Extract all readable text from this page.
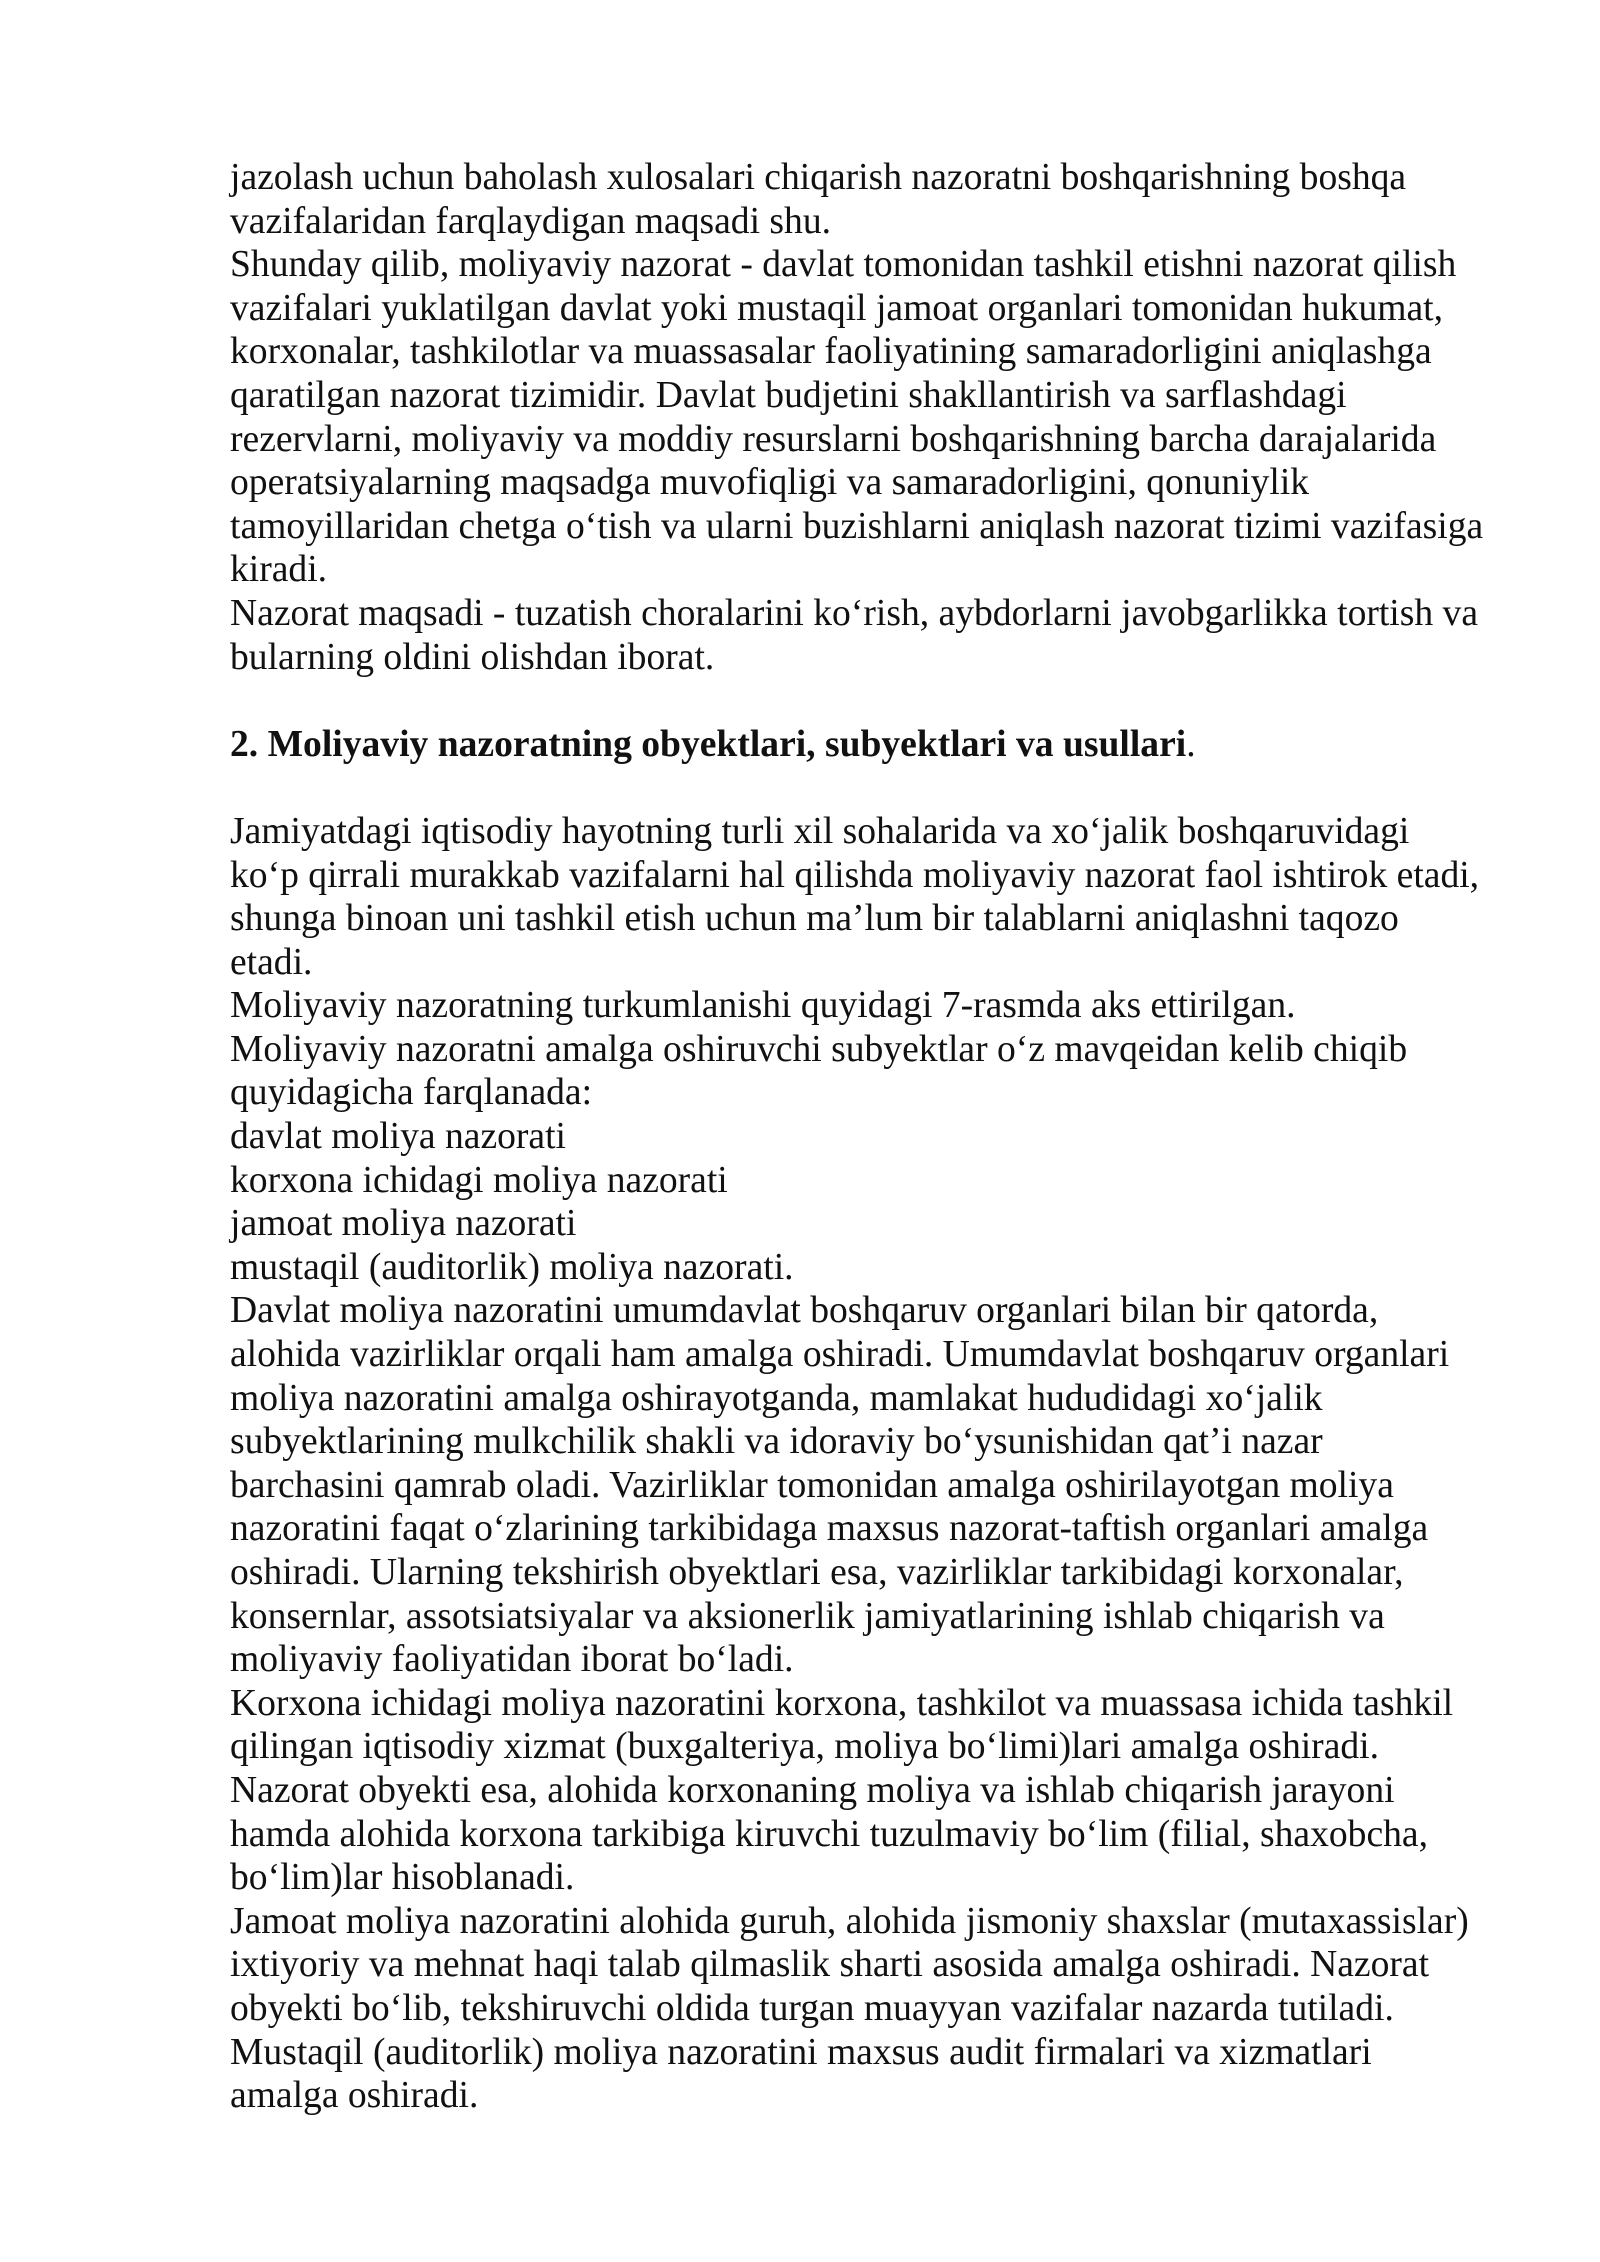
jazolash uchun baholash xulosalari chiqarish nazoratni boshqarishning boshqa
vazifalaridan farqlaydigan maqsadi shu.
Shunday qilib, moliyaviy nazorat - davlat tomonidan tashkil etishni nazorat qilish
vazifalari yuklatilgan davlat yoki mustaqil jamoat organlari tomonidan hukumat,
korxonalar, tashkilotlar va muassasalar faoliyatining samaradorligini aniqlashga
qaratilgan nazorat tizimidir. Davlat budjetini shakllantirish va sarflashdagi
rezervlarni, moliyaviy va moddiy resurslarni boshqarishning barcha darajalarida
operatsiyalarning maqsadga muvofiqligi va samaradorligini, qonuniylik
tamoyillaridan chetga o‘tish va ularni buzishlarni aniqlash nazorat tizimi vazifasiga
kiradi.
Nazorat maqsadi - tuzatish choralarini ko‘rish, aybdorlarni javobgarlikka tortish va
bularning oldini olishdan iborat.
2. Moliyaviy nazoratning obyektlari, subyektlari va usullari.
Jamiyatdagi iqtisodiy hayotning turli xil sohalarida va xo‘jalik boshqaruvidagi
ko‘p qirrali murakkab vazifalarni hal qilishda moliyaviy nazorat faol ishtirok etadi,
shunga binoan uni tashkil etish uchun ma’lum bir talablarni aniqlashni taqozo
etadi.
Moliyaviy nazoratning turkumlanishi quyidagi 7-rasmda aks ettirilgan.
Moliyaviy nazoratni amalga oshiruvchi subyektlar o‘z mavqeidan kelib chiqib
quyidagicha farqlanada:
davlat moliya nazorati
korxona ichidagi moliya nazorati
jamoat moliya nazorati
mustaqil (auditorlik) moliya nazorati.
Davlat moliya nazoratini umumdavlat boshqaruv organlari bilan bir qatorda,
alohida vazirliklar orqali ham amalga oshiradi. Umumdavlat boshqaruv organlari
moliya nazoratini amalga oshirayotganda, mamlakat hududidagi xo‘jalik
subyektlarining mulkchilik shakli va idoraviy bo‘ysunishidan qat’i nazar
barchasini qamrab oladi. Vazirliklar tomonidan amalga oshirilayotgan moliya
nazoratini faqat o‘zlarining tarkibidaga maxsus nazorat-taftish organlari amalga
oshiradi. Ularning tekshirish obyektlari esa, vazirliklar tarkibidagi korxonalar,
konsernlar, assotsiatsiyalar va aksionerlik jamiyatlarining ishlab chiqarish va
moliyaviy faoliyatidan iborat bo‘ladi.
Korxona ichidagi moliya nazoratini korxona, tashkilot va muassasa ichida tashkil
qilingan iqtisodiy xizmat (buxgalteriya, moliya bo‘limi)lari amalga oshiradi.
Nazorat obyekti esa, alohida korxonaning moliya va ishlab chiqarish jarayoni
hamda alohida korxona tarkibiga kiruvchi tuzulmaviy bo‘lim (filial, shaxobcha,
bo‘lim)lar hisoblanadi.
Jamoat moliya nazoratini alohida guruh, alohida jismoniy shaxslar (mutaxassislar)
ixtiyoriy va mehnat haqi talab qilmaslik sharti asosida amalga oshiradi. Nazorat
obyekti bo‘lib, tekshiruvchi oldida turgan muayyan vazifalar nazarda tutiladi.
Mustaqil (auditorlik) moliya nazoratini maxsus audit firmalari va xizmatlari
amalga oshiradi.
